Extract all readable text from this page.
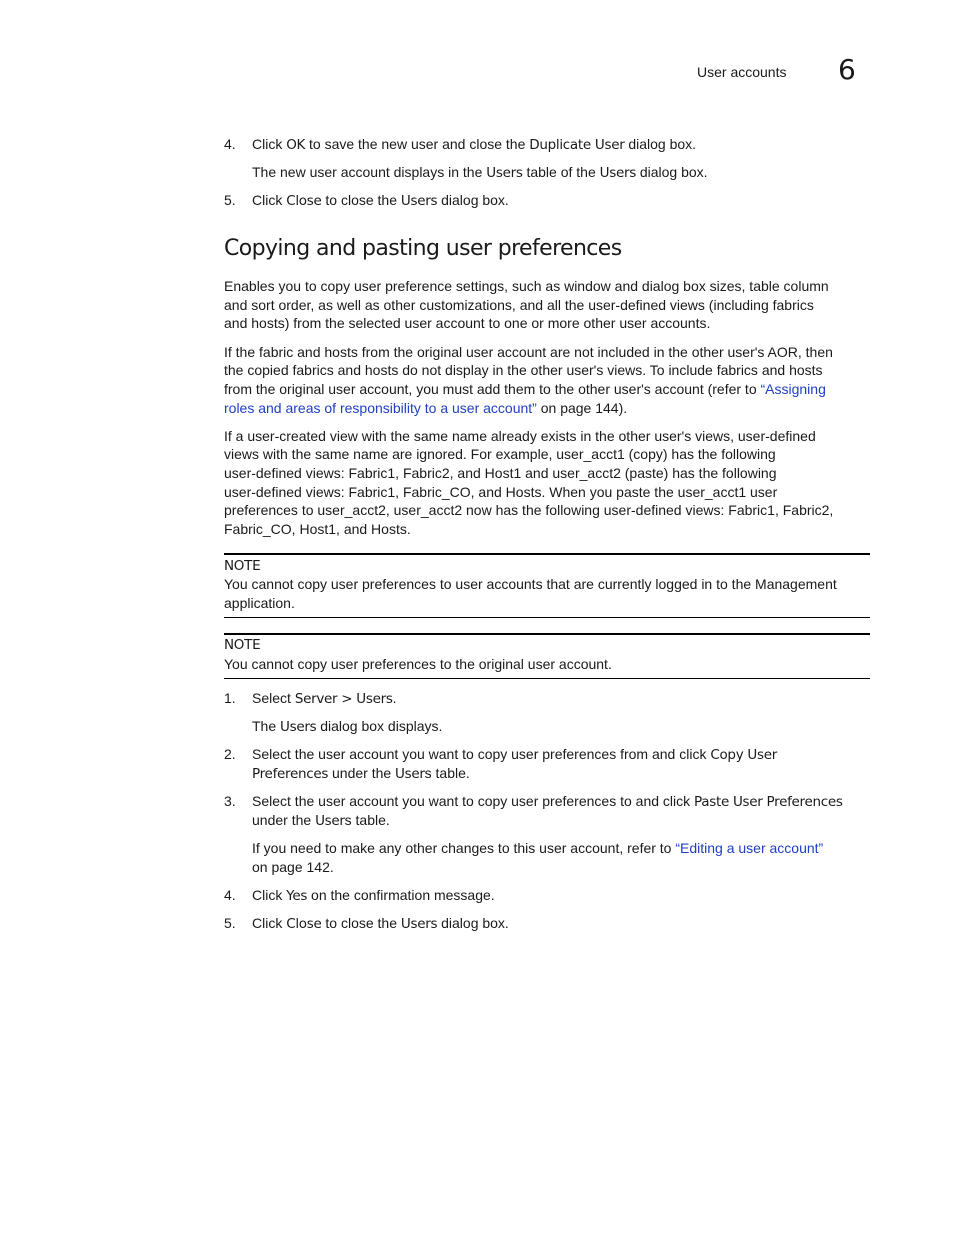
User accounts 6
4. Click OK to save the new user and close the Duplicate User dialog box.
The new user account displays in the Users table of the Users dialog box.
5. Click Close to close the Users dialog box.
Copying and pasting user preferences
Enables you to copy user preference settings, such as window and dialog box sizes, table column
and sort order, as well as other customizations, and all the user-defined views (including fabrics
and hosts) from the selected user account to one or more other user accounts.
If the fabric and hosts from the original user account are not included in the other user's AOR, then
the copied fabrics and hosts do not display in the other user's views. To include fabrics and hosts
from the original user account, you must add them to the other user's account (refer to “Assigning
roles and areas of responsibility to a user account” on page 144).
If a user-created view with the same name already exists in the other user's views, user-defined
views with the same name are ignored. For example, user_acct1 (copy) has the following
user-defined views: Fabric1, Fabric2, and Host1 and user_acct2 (paste) has the following
user-defined views: Fabric1, Fabric_CO, and Hosts. When you paste the user_acct1 user
preferences to user_acct2, user_acct2 now has the following user-defined views: Fabric1, Fabric2,
Fabric_CO, Host1, and Hosts.
NOTE
You cannot copy user preferences to user accounts that are currently logged in to the Management
application.
NOTE
You cannot copy user preferences to the original user account.
1. Select Server > Users.
The Users dialog box displays.
2. Select the user account you want to copy user preferences from and click Copy User
Preferences under the Users table.
3. Select the user account you want to copy user preferences to and click Paste User Preferences
under the Users table.
If you need to make any other changes to this user account, refer to “Editing a user account”
on page 142.
4. Click Yes on the confirmation message.
5. Click Close to close the Users dialog box.
